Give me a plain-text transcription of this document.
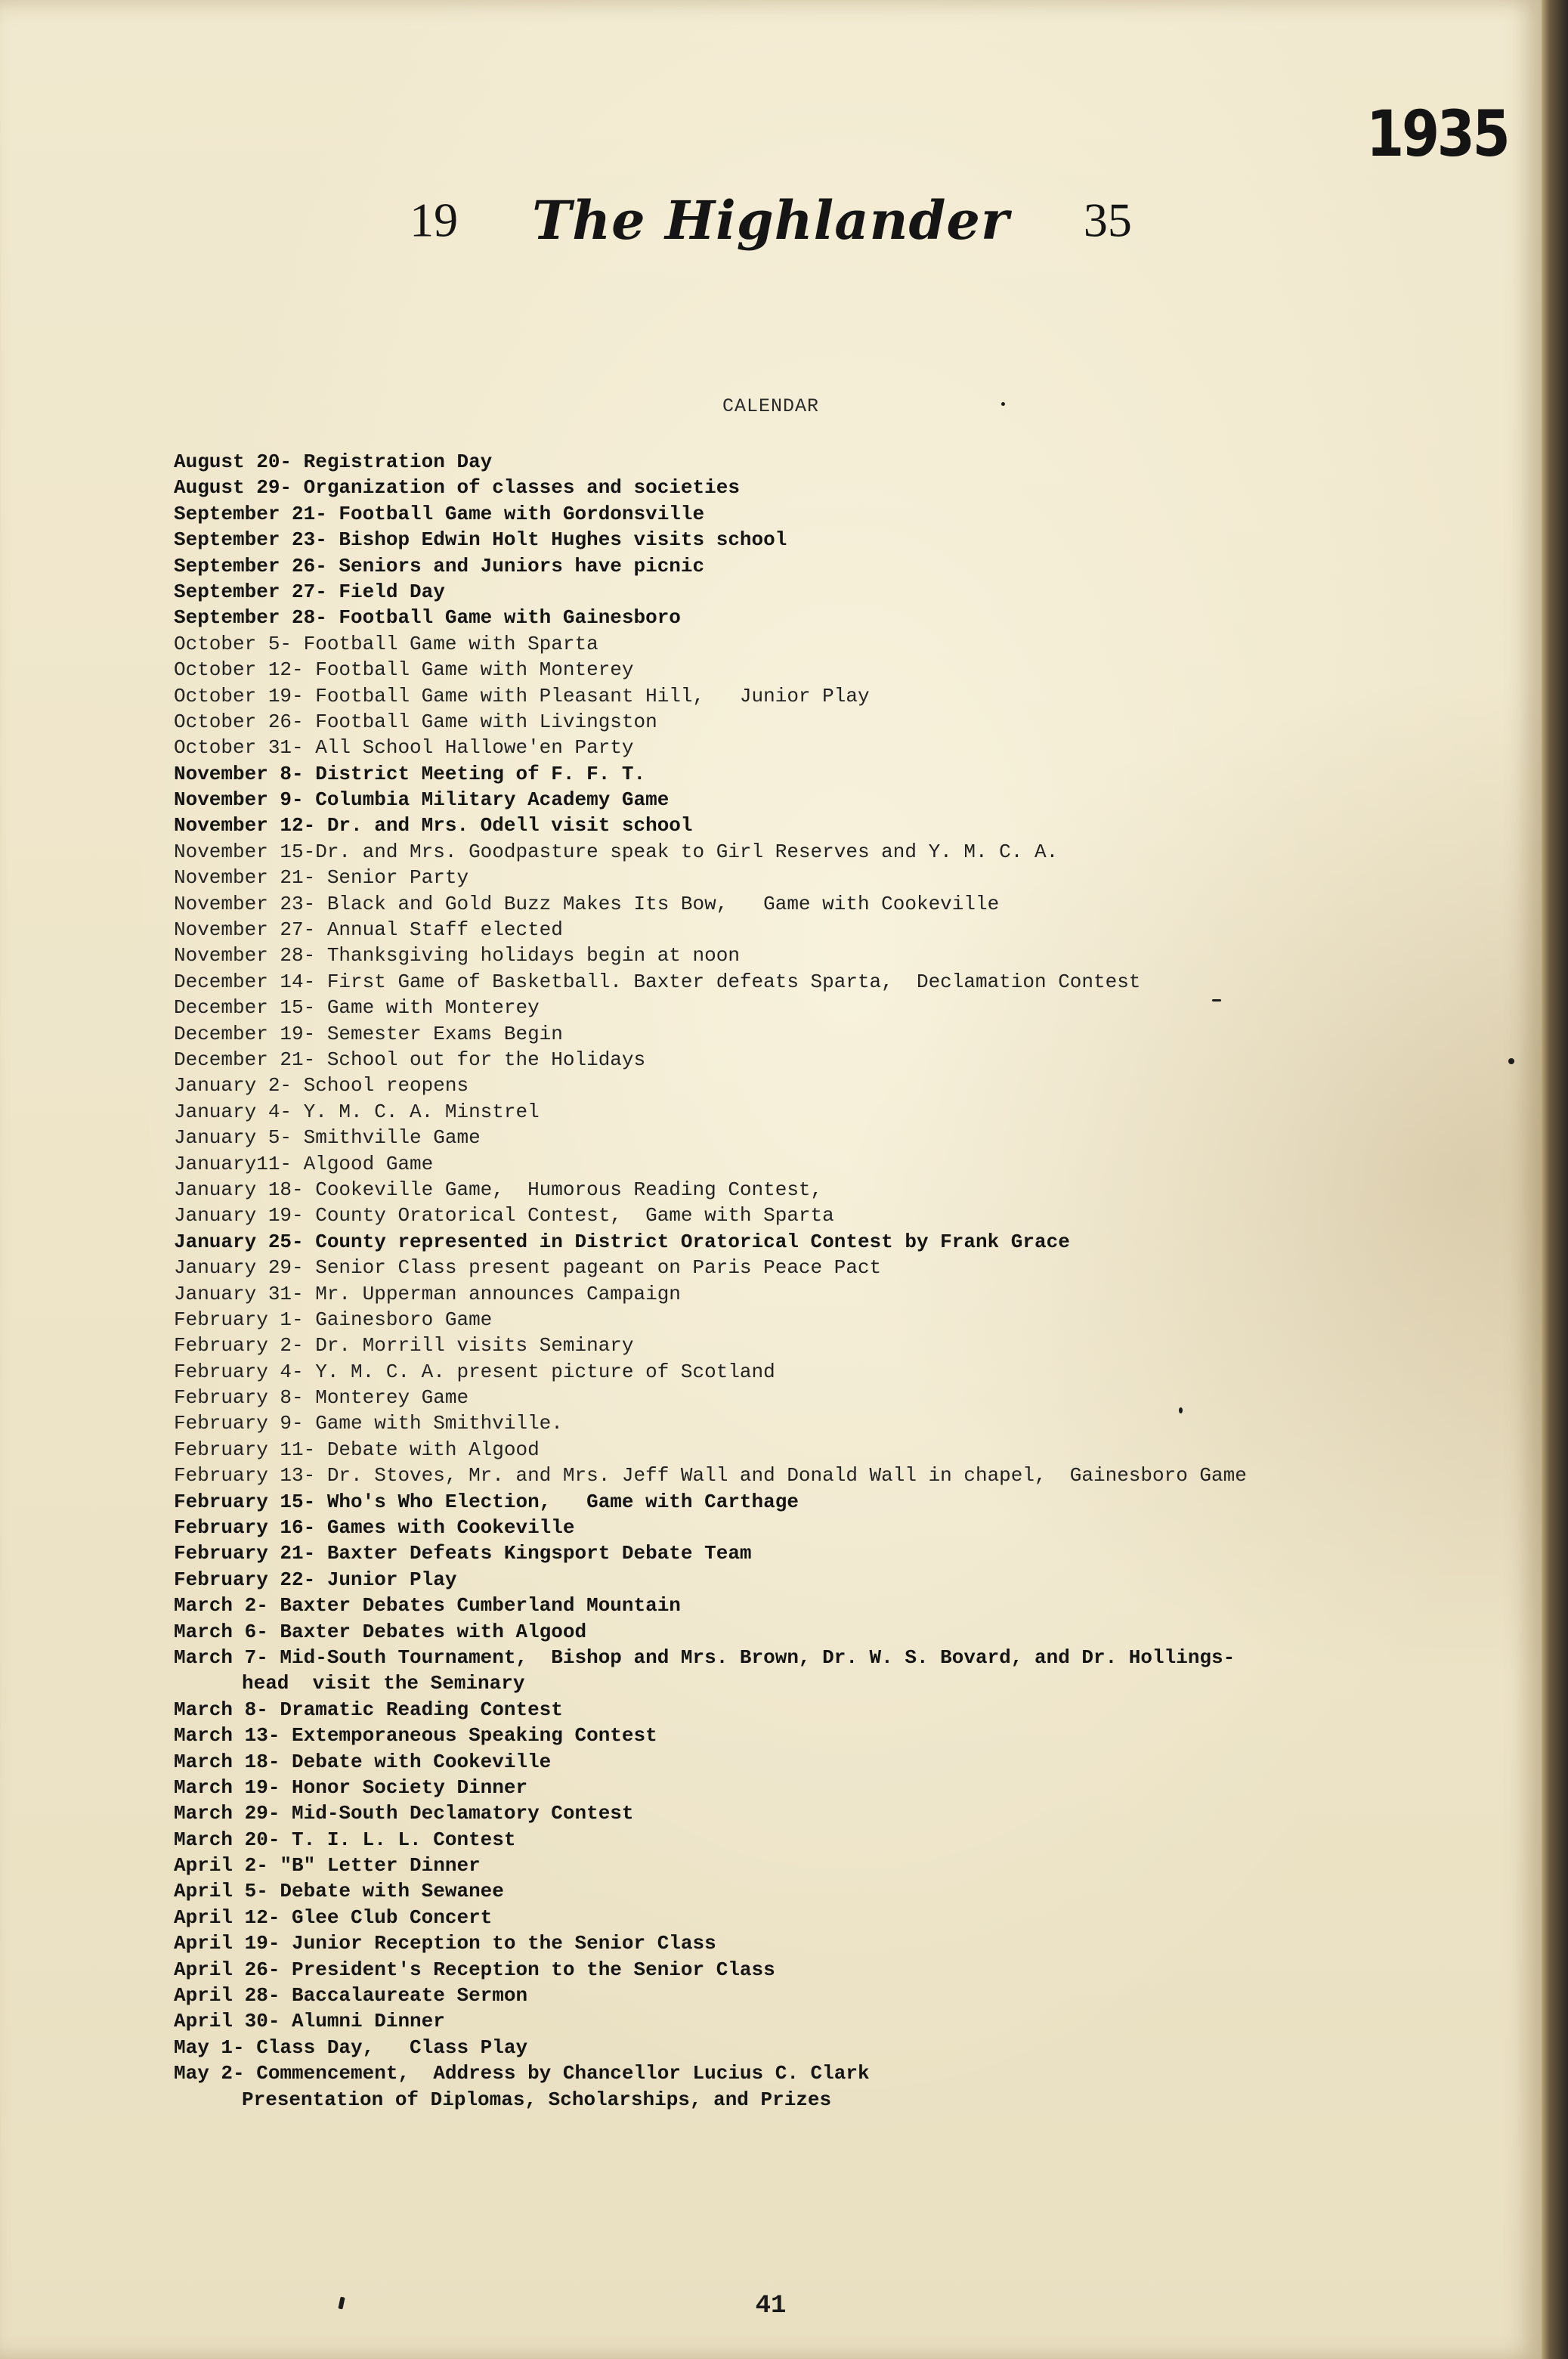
1935
19 The Highlander 35
CALENDAR
August 20- Registration Day
August 29- Organization of classes and societies
September 21- Football Game with Gordonsville
September 23- Bishop Edwin Holt Hughes visits school
September 26- Seniors and Juniors have picnic
September 27- Field Day
September 28- Football Game with Gainesboro
October 5- Football Game with Sparta
October 12- Football Game with Monterey
October 19- Football Game with Pleasant Hill,   Junior Play
October 26- Football Game with Livingston
October 31- All School Hallowe'en Party
November 8- District Meeting of F. F. T.
November 9- Columbia Military Academy Game
November 12- Dr. and Mrs. Odell visit school
November 15-Dr. and Mrs. Goodpasture speak to Girl Reserves and Y. M. C. A.
November 21- Senior Party
November 23- Black and Gold Buzz Makes Its Bow,   Game with Cookeville
November 27- Annual Staff elected
November 28- Thanksgiving holidays begin at noon
December 14- First Game of Basketball. Baxter defeats Sparta,  Declamation Contest
December 15- Game with Monterey
December 19- Semester Exams Begin
December 21- School out for the Holidays
January 2- School reopens
January 4- Y. M. C. A. Minstrel
January 5- Smithville Game
January11- Algood Game
January 18- Cookeville Game,  Humorous Reading Contest,
January 19- County Oratorical Contest,  Game with Sparta
January 25- County represented in District Oratorical Contest by Frank Grace
January 29- Senior Class present pageant on Paris Peace Pact
January 31- Mr. Upperman announces Campaign
February 1- Gainesboro Game
February 2- Dr. Morrill visits Seminary
February 4- Y. M. C. A. present picture of Scotland
February 8- Monterey Game
February 9- Game with Smithville.
February 11- Debate with Algood
February 13- Dr. Stoves, Mr. and Mrs. Jeff Wall and Donald Wall in chapel,  Gainesboro Game
February 15- Who's Who Election,   Game with Carthage
February 16- Games with Cookeville
February 21- Baxter Defeats Kingsport Debate Team
February 22- Junior Play
March 2- Baxter Debates Cumberland Mountain
March 6- Baxter Debates with Algood
March 7- Mid-South Tournament,  Bishop and Mrs. Brown, Dr. W. S. Bovard, and Dr. Hollings-
head  visit the Seminary
March 8- Dramatic Reading Contest
March 13- Extemporaneous Speaking Contest
March 18- Debate with Cookeville
March 19- Honor Society Dinner
March 29- Mid-South Declamatory Contest
March 20- T. I. L. L. Contest
April 2- "B" Letter Dinner
April 5- Debate with Sewanee
April 12- Glee Club Concert
April 19- Junior Reception to the Senior Class
April 26- President's Reception to the Senior Class
April 28- Baccalaureate Sermon
April 30- Alumni Dinner
May 1- Class Day,   Class Play
May 2- Commencement,  Address by Chancellor Lucius C. Clark
Presentation of Diplomas, Scholarships, and Prizes
41
